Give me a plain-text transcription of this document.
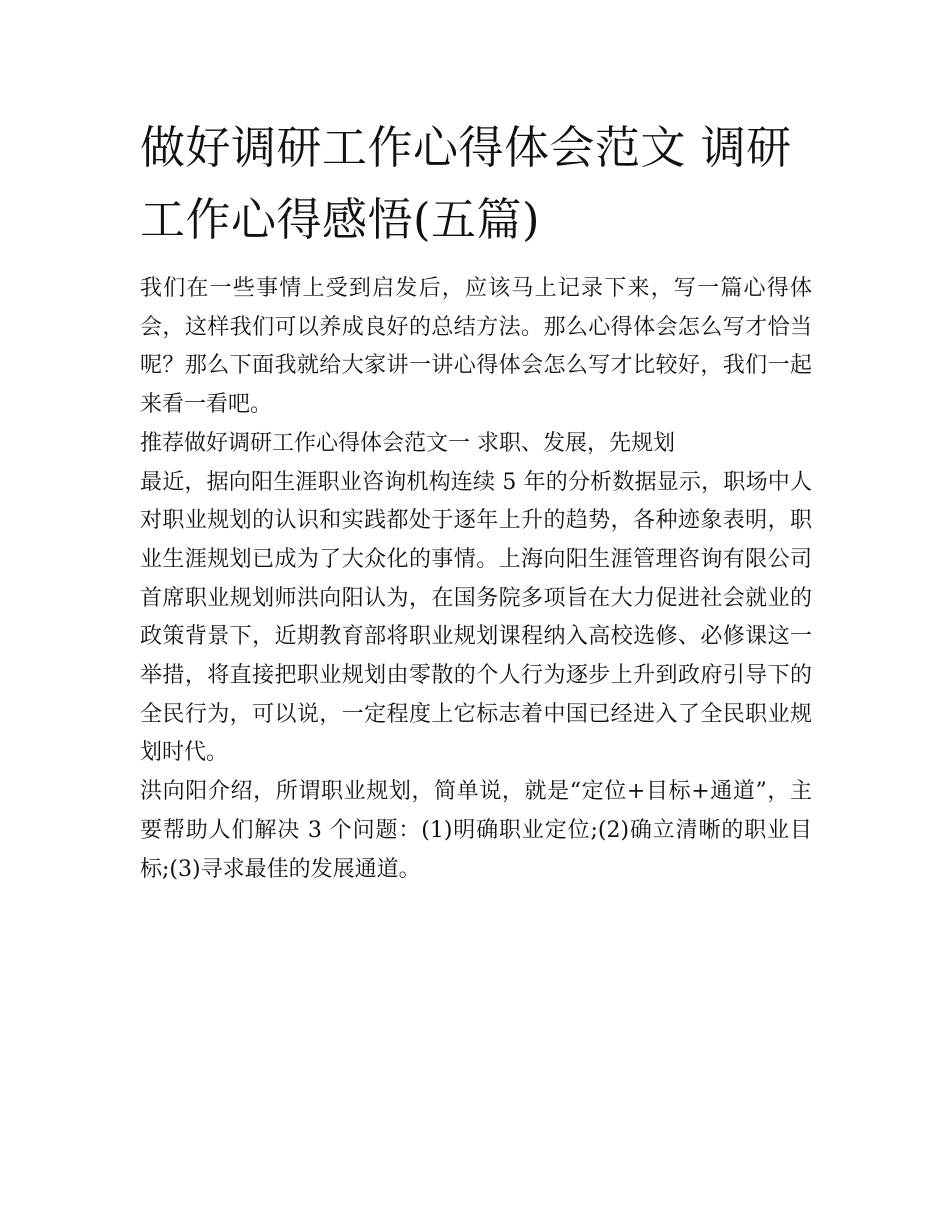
做好调研工作心得体会范文 调研工作心得感悟(五篇)

我们在一些事情上受到启发后，应该马上记录下来，写一篇心得体会，这样我们可以养成良好的总结方法。那么心得体会怎么写才恰当呢？那么下面我就给大家讲一讲心得体会怎么写才比较好，我们一起来看一看吧。

推荐做好调研工作心得体会范文一 求职、发展，先规划

最近，据向阳生涯职业咨询机构连续 5 年的分析数据显示，职场中人对职业规划的认识和实践都处于逐年上升的趋势，各种迹象表明，职业生涯规划已成为了大众化的事情。上海向阳生涯管理咨询有限公司首席职业规划师洪向阳认为，在国务院多项旨在大力促进社会就业的政策背景下，近期教育部将职业规划课程纳入高校选修、必修课这一举措，将直接把职业规划由零散的个人行为逐步上升到政府引导下的全民行为，可以说，一定程度上它标志着中国已经进入了全民职业规划时代。

洪向阳介绍，所谓职业规划，简单说，就是“定位+目标+通道”，主要帮助人们解决 3 个问题：(1)明确职业定位;(2)确立清晰的职业目标;(3)寻求最佳的发展通道。
